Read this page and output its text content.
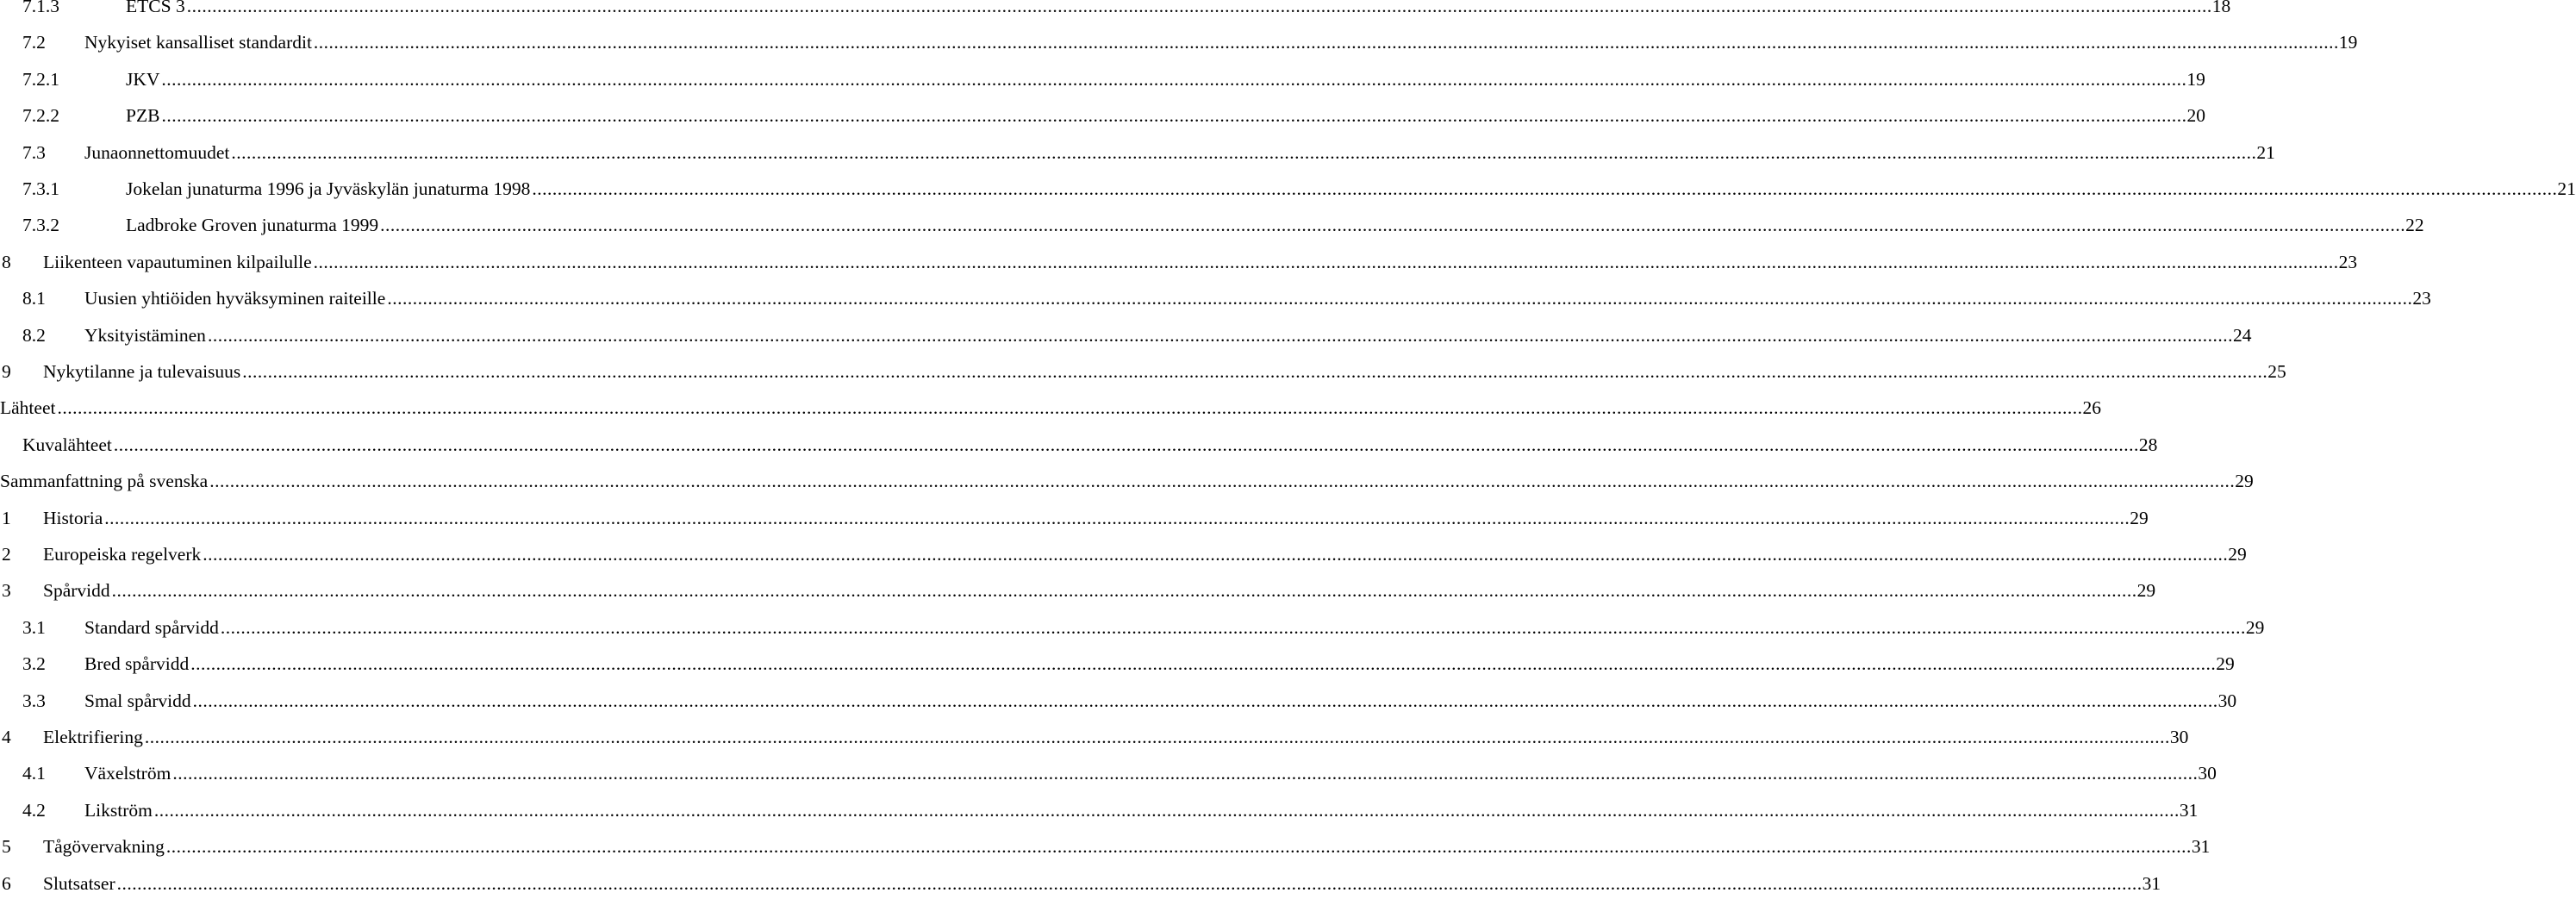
7.1.3	ETCS 3 ................................................................................................................................................................................................................................................................................................................................................................................................................ 18
7.2	Nykyiset kansalliset standardit ................................................................................................................................................................................................................................................................................................................................................................................................................ 19
7.2.1	JKV ................................................................................................................................................................................................................................................................................................................................................................................................................ 19
7.2.2	PZB ................................................................................................................................................................................................................................................................................................................................................................................................................ 20
7.3	Junaonnettomuudet ................................................................................................................................................................................................................................................................................................................................................................................................................ 21
7.3.1	Jokelan junaturma 1996 ja Jyväskylän junaturma 1998 ................................................................................................................................................................................................................................................................................................................................................................................................................ 21
7.3.2	Ladbroke Groven junaturma 1999 ................................................................................................................................................................................................................................................................................................................................................................................................................ 22
8	Liikenteen vapautuminen kilpailulle ................................................................................................................................................................................................................................................................................................................................................................................................................ 23
8.1	Uusien yhtiöiden hyväksyminen raiteille ................................................................................................................................................................................................................................................................................................................................................................................................................ 23
8.2	Yksityistäminen ................................................................................................................................................................................................................................................................................................................................................................................................................ 24
9	Nykytilanne ja tulevaisuus ................................................................................................................................................................................................................................................................................................................................................................................................................ 25
Lähteet ................................................................................................................................................................................................................................................................................................................................................................................................................ 26
Kuvalähteet ................................................................................................................................................................................................................................................................................................................................................................................................................ 28
Sammanfattning på svenska ................................................................................................................................................................................................................................................................................................................................................................................................................ 29
1	Historia ................................................................................................................................................................................................................................................................................................................................................................................................................ 29
2	Europeiska regelverk ................................................................................................................................................................................................................................................................................................................................................................................................................ 29
3	Spårvidd ................................................................................................................................................................................................................................................................................................................................................................................................................ 29
3.1	Standard spårvidd ................................................................................................................................................................................................................................................................................................................................................................................................................ 29
3.2	Bred spårvidd ................................................................................................................................................................................................................................................................................................................................................................................................................ 29
3.3	Smal spårvidd ................................................................................................................................................................................................................................................................................................................................................................................................................ 30
4	Elektrifiering ................................................................................................................................................................................................................................................................................................................................................................................................................ 30
4.1	Växelström ................................................................................................................................................................................................................................................................................................................................................................................................................ 30
4.2	Likström ................................................................................................................................................................................................................................................................................................................................................................................................................ 31
5	Tågövervakning ................................................................................................................................................................................................................................................................................................................................................................................................................ 31
6	Slutsatser ................................................................................................................................................................................................................................................................................................................................................................................................................ 31
